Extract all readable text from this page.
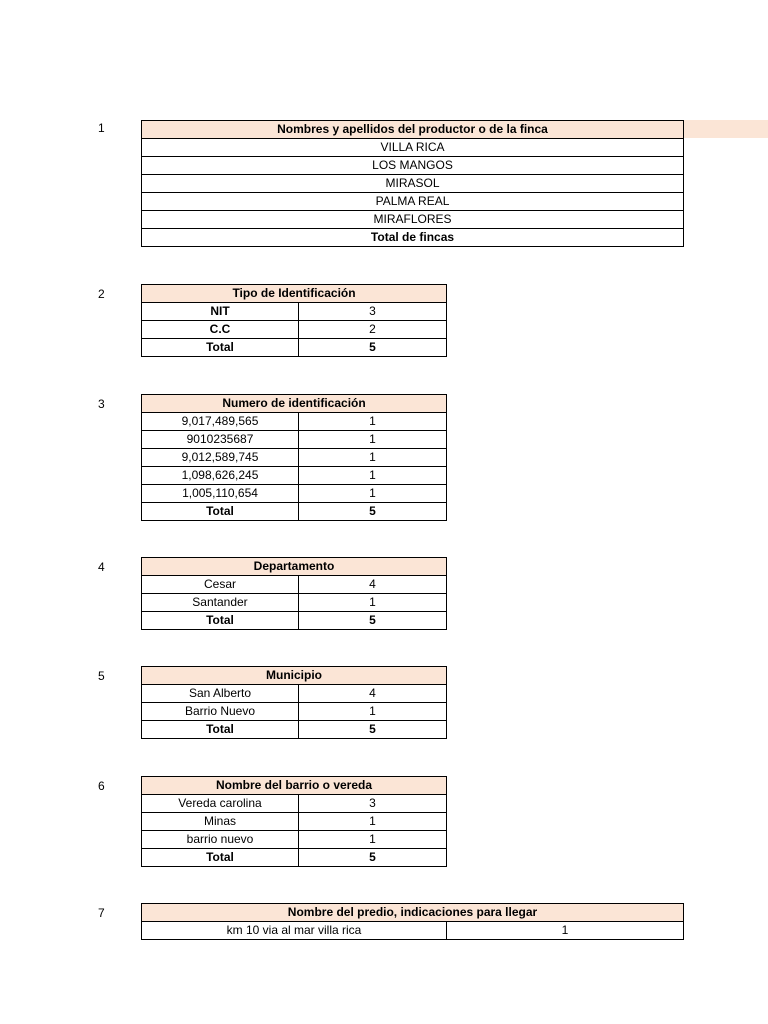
1	Nombres y apellidos del productor o de la finca
VILLA RICA
LOS MANGOS
MIRASOL
PALMA REAL
MIRAFLORES
Total de fincas
2	Tipo de Identificación	
NIT	3
C.C	2
Total	5
3	Numero de identificación	
9,017,489,565	1
9010235687	1
9,012,589,745	1
1,098,626,245	1
1,005,110,654	1
Total	5
4	Departamento	
Cesar	4
Santander	1
Total	5
5	Municipio	
San Alberto	4
Barrio Nuevo	1
Total	5
6	Nombre del barrio o vereda	
Vereda carolina	3
Minas	1
barrio nuevo	1
Total	5
7	Nombre del predio, indicaciones para llegar
km 10 via al mar villa rica	1
